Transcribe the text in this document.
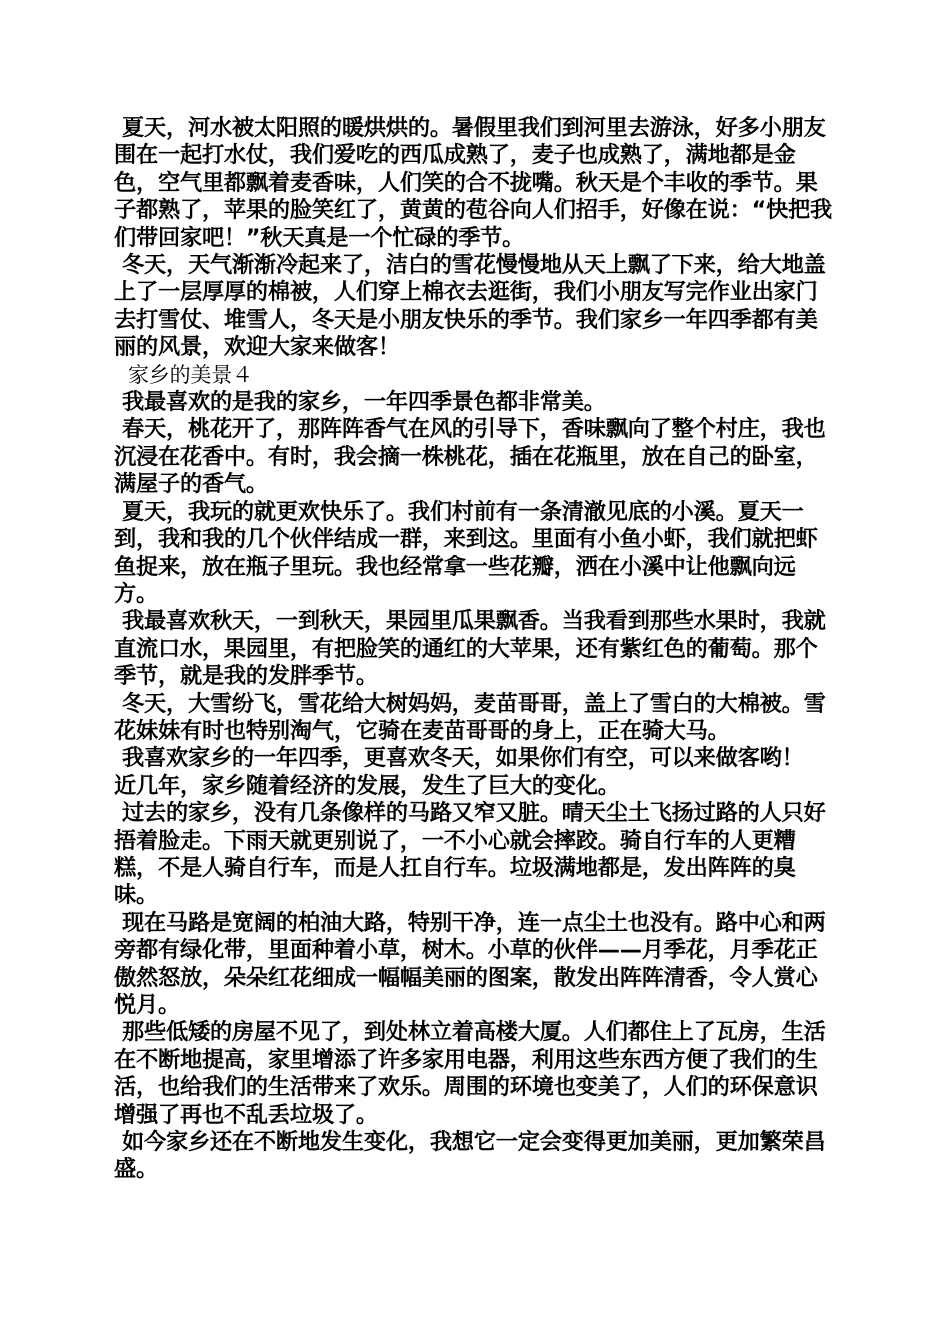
夏天，河水被太阳照的暖烘烘的。暑假里我们到河里去游泳，好多小朋友围在一起打水仗，我们爱吃的西瓜成熟了，麦子也成熟了，满地都是金色，空气里都飘着麦香味，人们笑的合不拢嘴。秋天是个丰收的季节。果子都熟了，苹果的脸笑红了，黄黄的苞谷向人们招手，好像在说：“快把我们带回家吧！”秋天真是一个忙碌的季节。

冬天，天气渐渐冷起来了，洁白的雪花慢慢地从天上飘了下来，给大地盖上了一层厚厚的棉被，人们穿上棉衣去逛街，我们小朋友写完作业出家门去打雪仗、堆雪人，冬天是小朋友快乐的季节。我们家乡一年四季都有美丽的风景，欢迎大家来做客！

家乡的美景４

我最喜欢的是我的家乡，一年四季景色都非常美。

春天，桃花开了，那阵阵香气在风的引导下，香味飘向了整个村庄，我也沉浸在花香中。有时，我会摘一株桃花，插在花瓶里，放在自己的卧室，满屋子的香气。

夏天，我玩的就更欢快乐了。我们村前有一条清澈见底的小溪。夏天一到，我和我的几个伙伴结成一群，来到这。里面有小鱼小虾，我们就把虾鱼捉来，放在瓶子里玩。我也经常拿一些花瓣，洒在小溪中让他飘向远方。

我最喜欢秋天，一到秋天，果园里瓜果飘香。当我看到那些水果时，我就直流口水，果园里，有把脸笑的通红的大苹果，还有紫红色的葡萄。那个季节，就是我的发胖季节。

冬天，大雪纷飞，雪花给大树妈妈，麦苗哥哥，盖上了雪白的大棉被。雪花妹妹有时也特别淘气，它骑在麦苗哥哥的身上，正在骑大马。

我喜欢家乡的一年四季，更喜欢冬天，如果你们有空，可以来做客哟！

近几年，家乡随着经济的发展，发生了巨大的变化。

过去的家乡，没有几条像样的马路又窄又脏。晴天尘土飞扬过路的人只好捂着脸走。下雨天就更别说了，一不小心就会摔跤。骑自行车的人更糟糕，不是人骑自行车，而是人扛自行车。垃圾满地都是，发出阵阵的臭味。

现在马路是宽阔的柏油大路，特别干净，连一点尘土也没有。路中心和两旁都有绿化带，里面种着小草，树木。小草的伙伴——月季花，月季花正傲然怒放，朵朵红花细成一幅幅美丽的图案，散发出阵阵清香，令人赏心悦月。

那些低矮的房屋不见了，到处林立着高楼大厦。人们都住上了瓦房，生活在不断地提高，家里增添了许多家用电器，利用这些东西方便了我们的生活，也给我们的生活带来了欢乐。周围的环境也变美了，人们的环保意识增强了再也不乱丢垃圾了。

如今家乡还在不断地发生变化，我想它一定会变得更加美丽，更加繁荣昌盛。
